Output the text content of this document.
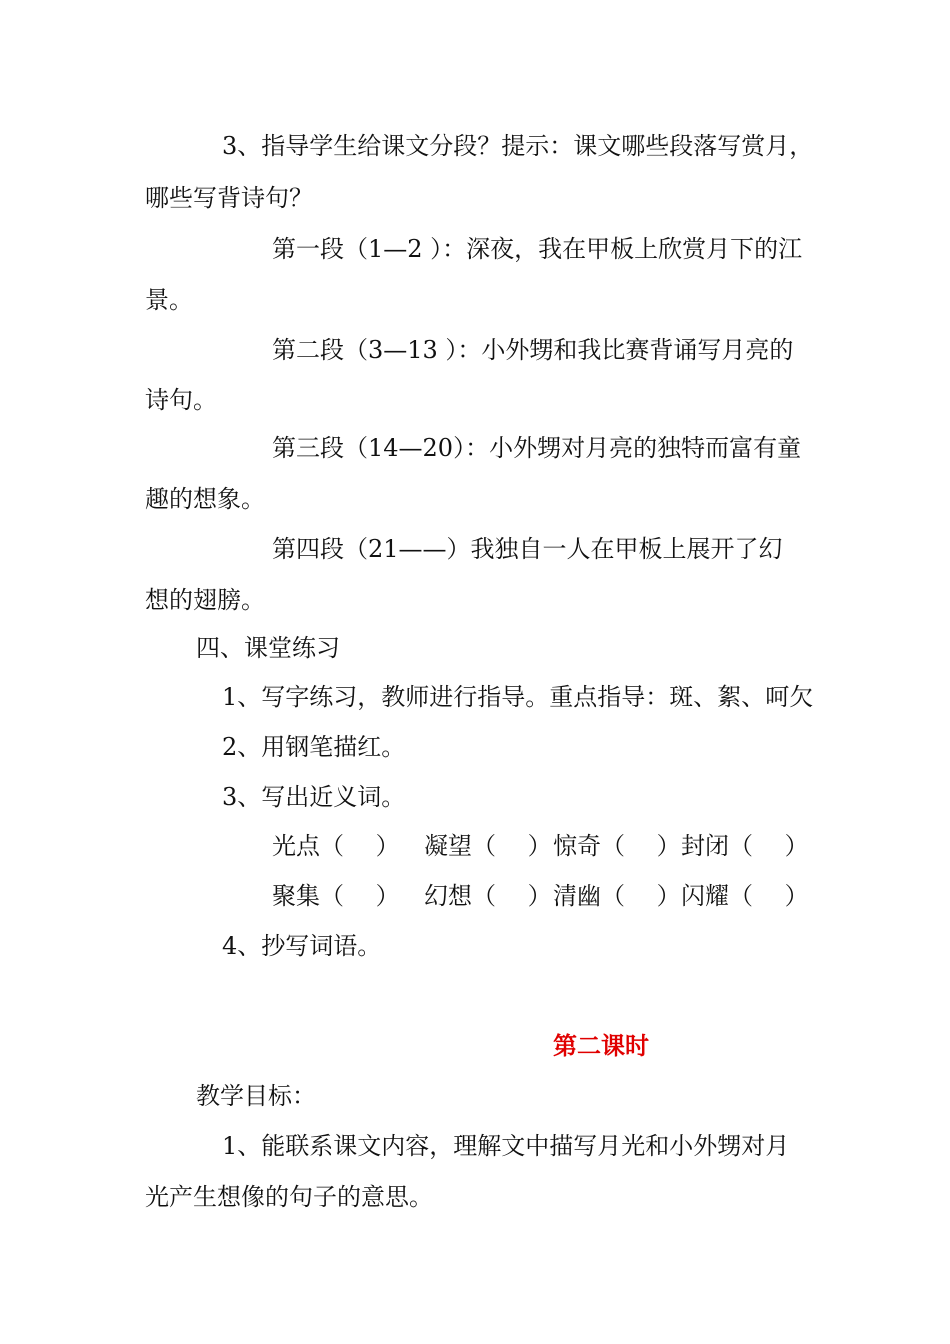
3、指导学生给课文分段？提示：课文哪些段落写赏月，
哪些写背诗句？
第一段（1—2 ）：深夜，我在甲板上欣赏月下的江
景。
第二段（3—13 ）：小外甥和我比赛背诵写月亮的
诗句。
第三段（14—20）：小外甥对月亮的独特而富有童
趣的想象。
第四段（21——）我独自一人在甲板上展开了幻
想的翅膀。
四、课堂练习
1、写字练习，教师进行指导。重点指导：斑、絮、呵欠
2、用钢笔描红。
3、写出近义词。
光点（　 ） 凝望（　 ） 惊奇（　 ） 封闭（　 ）
聚集（　 ） 幻想（　 ） 清幽（　 ） 闪耀（　 ）
4、抄写词语。
第二课时
教学目标：
1、能联系课文内容，理解文中描写月光和小外甥对月
光产生想像的句子的意思。
